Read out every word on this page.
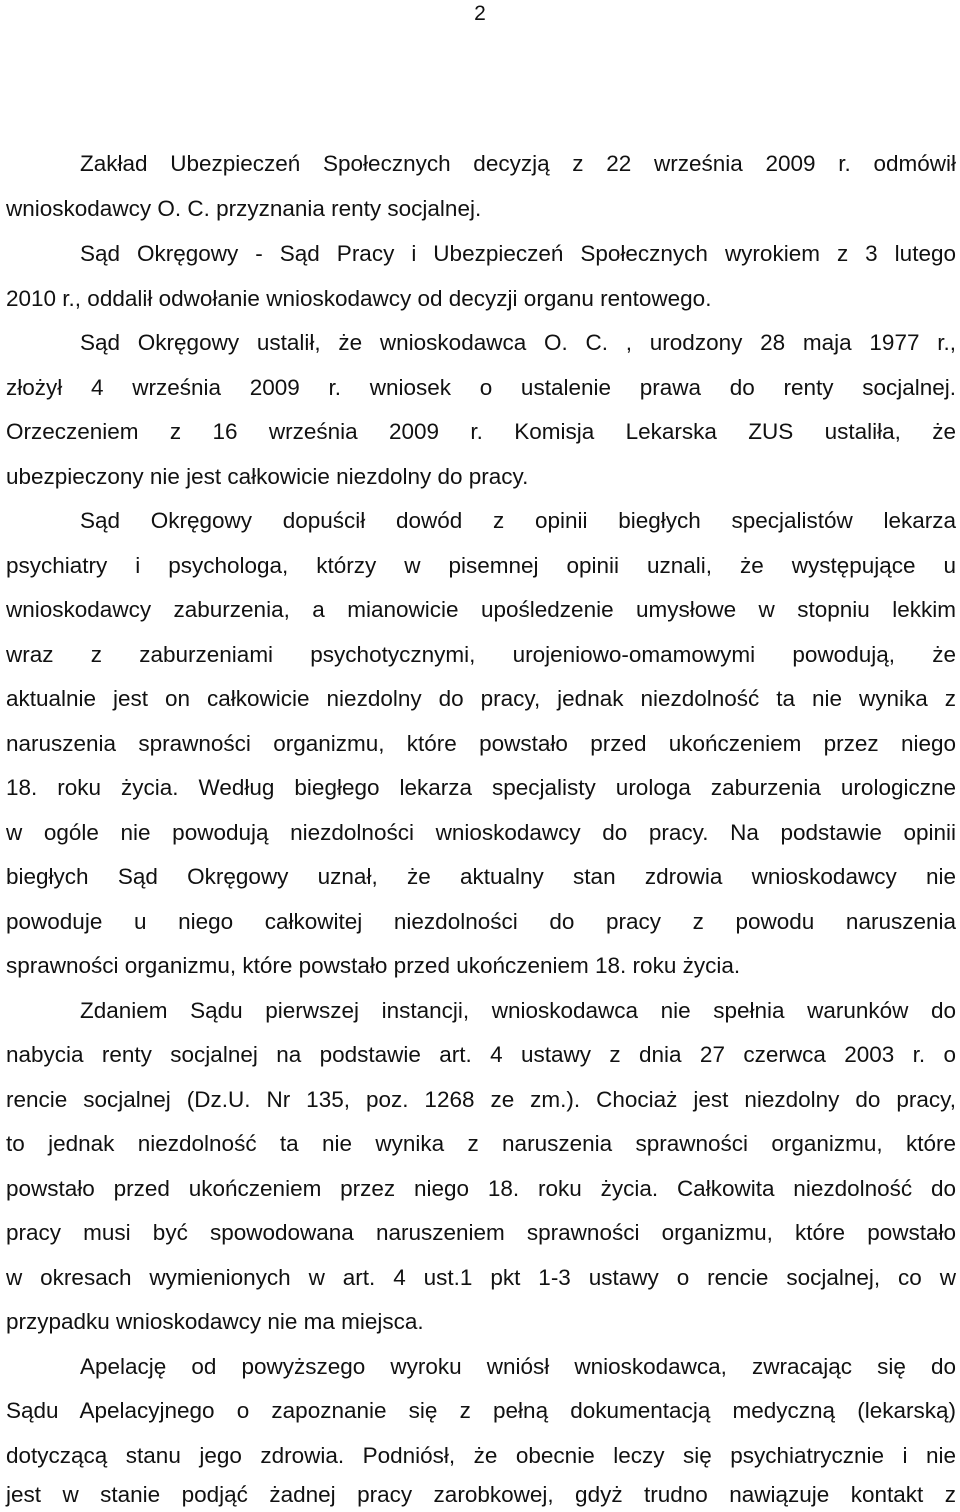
2
Zakład Ubezpieczeń Społecznych decyzją z 22 września 2009 r. odmówił
wnioskodawcy O. C. przyznania renty socjalnej.
Sąd Okręgowy - Sąd Pracy i Ubezpieczeń Społecznych wyrokiem z 3 lutego
2010 r., oddalił odwołanie wnioskodawcy od decyzji organu rentowego.
Sąd Okręgowy ustalił, że wnioskodawca O. C. , urodzony 28 maja 1977 r.,
złożył 4 września 2009 r. wniosek o ustalenie prawa do renty socjalnej.
Orzeczeniem z 16 września 2009 r. Komisja Lekarska ZUS ustaliła, że
ubezpieczony nie jest całkowicie niezdolny do pracy.
Sąd Okręgowy dopuścił dowód z opinii biegłych specjalistów lekarza
psychiatry i psychologa, którzy w pisemnej opinii uznali, że występujące u
wnioskodawcy zaburzenia, a mianowicie upośledzenie umysłowe w stopniu lekkim
wraz z zaburzeniami psychotycznymi, urojeniowo-omamowymi powodują, że
aktualnie jest on całkowicie niezdolny do pracy, jednak niezdolność ta nie wynika z
naruszenia sprawności organizmu, które powstało przed ukończeniem przez niego
18. roku życia. Według biegłego lekarza specjalisty urologa zaburzenia urologiczne
w ogóle nie powodują niezdolności wnioskodawcy do pracy. Na podstawie opinii
biegłych Sąd Okręgowy uznał, że aktualny stan zdrowia wnioskodawcy nie
powoduje u niego całkowitej niezdolności do pracy z powodu naruszenia
sprawności organizmu, które powstało przed ukończeniem 18. roku życia.
Zdaniem Sądu pierwszej instancji, wnioskodawca nie spełnia warunków do
nabycia renty socjalnej na podstawie art. 4 ustawy z dnia 27 czerwca 2003 r. o
rencie socjalnej (Dz.U. Nr 135, poz. 1268 ze zm.). Chociaż jest niezdolny do pracy,
to jednak niezdolność ta nie wynika z naruszenia sprawności organizmu, które
powstało przed ukończeniem przez niego 18. roku życia. Całkowita niezdolność do
pracy musi być spowodowana naruszeniem sprawności organizmu, które powstało
w okresach wymienionych w art. 4 ust.1 pkt 1-3 ustawy o rencie socjalnej, co w
przypadku wnioskodawcy nie ma miejsca.
Apelację od powyższego wyroku wniósł wnioskodawca, zwracając się do
Sądu Apelacyjnego o zapoznanie się z pełną dokumentacją medyczną (lekarską)
dotyczącą stanu jego zdrowia. Podniósł, że obecnie leczy się psychiatrycznie i nie
jest w stanie podjąć żadnej pracy zarobkowej, gdyż trudno nawiązuje kontakt z
